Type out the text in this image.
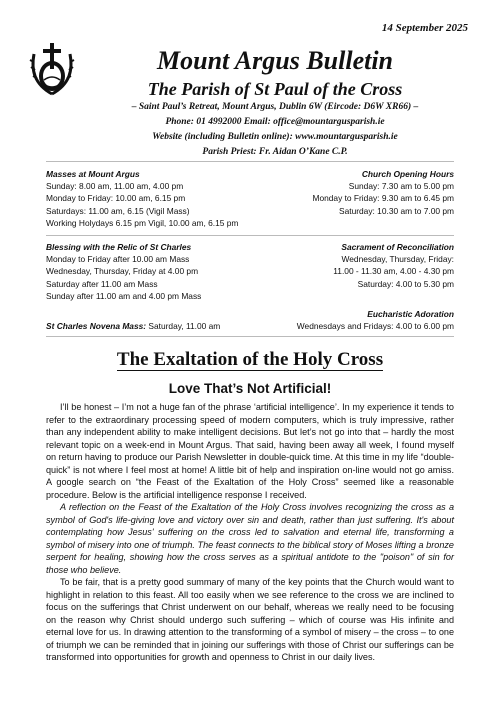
14 September 2025
Mount Argus Bulletin
The Parish of St Paul of the Cross
– Saint Paul’s Retreat, Mount Argus, Dublin 6W (Eircode: D6W XR66) –
Phone: 01 4992000 Email: office@mountargusparish.ie
Website (including Bulletin online): www.mountargusparish.ie
Parish Priest: Fr. Aidan O’Kane C.P.
Masses at Mount Argus
Sunday: 8.00 am, 11.00 am, 4.00 pm
Monday to Friday: 10.00 am, 6.15 pm
Saturdays: 11.00 am, 6.15 (Vigil Mass)
Working Holydays 6.15 pm Vigil, 10.00 am, 6.15 pm
Church Opening Hours
Sunday: 7.30 am to 5.00 pm
Monday to Friday: 9.30 am to 6.45 pm
Saturday: 10.30 am to 7.00 pm
Blessing with the Relic of St Charles
Monday to Friday after 10.00 am Mass
Wednesday, Thursday, Friday at 4.00 pm
Saturday after 11.00 am Mass
Sunday after 11.00 am and 4.00 pm Mass
Sacrament of Reconciliation
Wednesday, Thursday, Friday:
11.00 - 11.30 am, 4.00 - 4.30 pm
Saturday: 4.00 to 5.30 pm
St Charles Novena Mass: Saturday, 11.00 am
Eucharistic Adoration
Wednesdays and Fridays: 4.00 to 6.00 pm
The Exaltation of the Holy Cross
Love That’s Not Artificial!

I’ll be honest – I’m not a huge fan of the phrase ‘artificial intelligence’. In my experience it tends to refer to the extraordinary processing speed of modern computers, which is truly impressive, rather than any independent ability to make intelligent decisions. But let’s not go into that – hardly the most relevant topic on a week-end in Mount Argus. That said, having been away all week, I found myself on return having to produce our Parish Newsletter in double-quick time. At this time in my life “double-quick” is not where I feel most at home! A little bit of help and inspiration on-line would not go amiss. A google search on “the Feast of the Exaltation of the Holy Cross” seemed like a reasonable procedure. Below is the artificial intelligence response I received.

A reflection on the Feast of the Exaltation of the Holy Cross involves recognizing the cross as a symbol of God's life-giving love and victory over sin and death, rather than just suffering. It's about contemplating how Jesus' suffering on the cross led to salvation and eternal life, transforming a symbol of misery into one of triumph. The feast connects to the biblical story of Moses lifting a bronze serpent for healing, showing how the cross serves as a spiritual antidote to the "poison" of sin for those who believe.

To be fair, that is a pretty good summary of many of the key points that the Church would want to highlight in relation to this feast. All too easily when we see reference to the cross we are inclined to focus on the sufferings that Christ underwent on our behalf, whereas we really need to be focusing on the reason why Christ should undergo such suffering – which of course was His infinite and eternal love for us. In drawing attention to the transforming of a symbol of misery – the cross – to one of triumph we can be reminded that in joining our sufferings with those of Christ our sufferings can be transformed into opportunities for growth and openness to Christ in our daily lives.
